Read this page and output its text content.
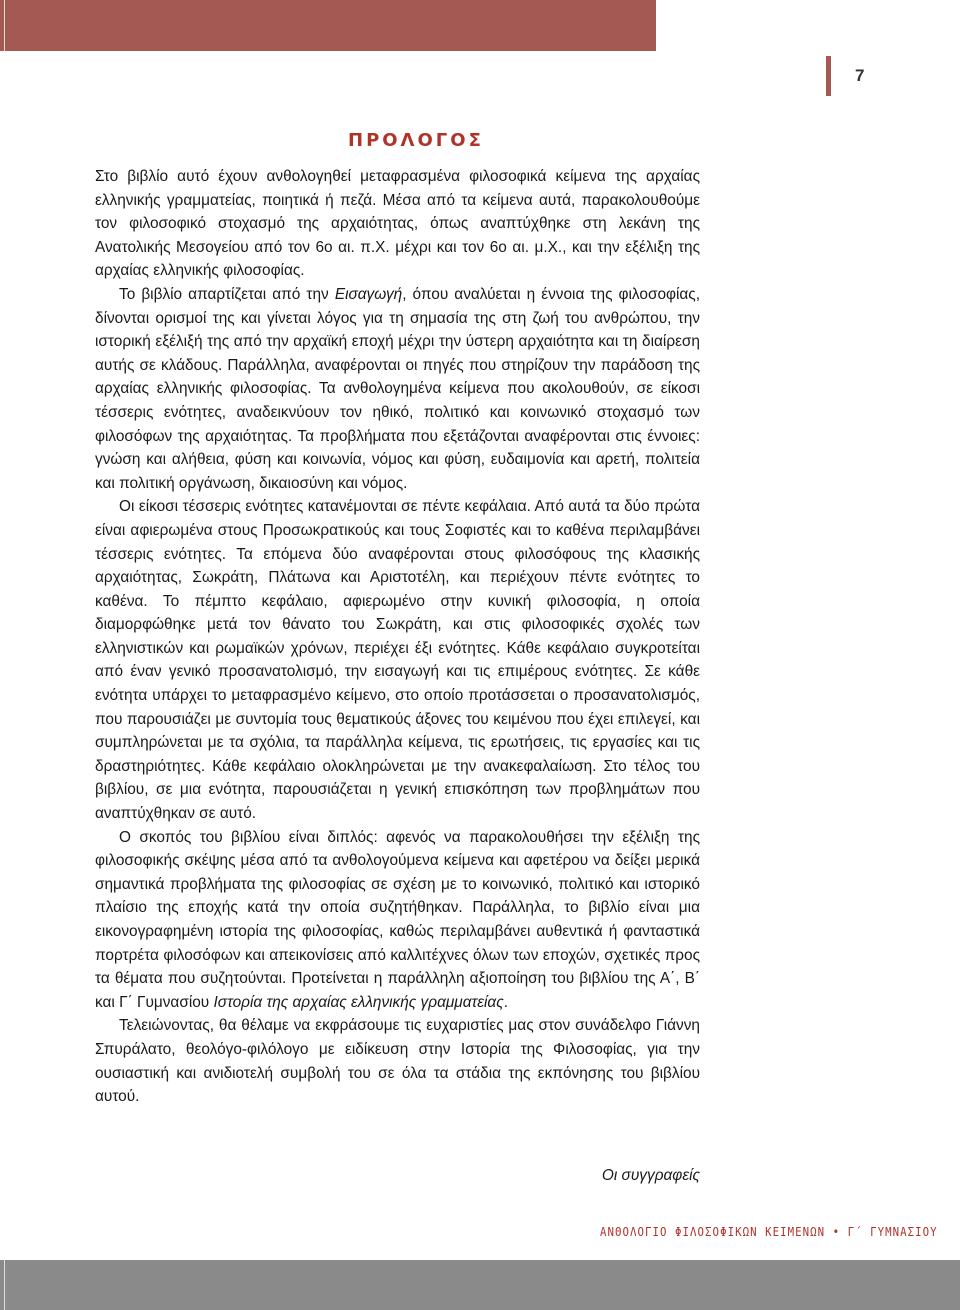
7
ΠΡΟΛΟΓΟΣ

Στο βιβλίο αυτό έχουν ανθολογηθεί μεταφρασμένα φιλοσοφικά κείμενα της αρχαίας ελληνικής γραμματείας, ποιητικά ή πεζά. Μέσα από τα κείμενα αυτά, παρακολουθούμε τον φιλοσοφικό στοχασμό της αρχαιότητας, όπως αναπτύχθηκε στη λεκάνη της Ανατολικής Μεσογείου από τον 6ο αι. π.Χ. μέχρι και τον 6ο αι. μ.Χ., και την εξέλιξη της αρχαίας ελληνικής φιλοσοφίας.

Το βιβλίο απαρτίζεται από την Εισαγωγή, όπου αναλύεται η έννοια της φιλοσοφίας, δίνονται ορισμοί της και γίνεται λόγος για τη σημασία της στη ζωή του ανθρώπου, την ιστορική εξέλιξή της από την αρχαϊκή εποχή μέχρι την ύστερη αρχαιότητα και τη διαίρεση αυτής σε κλάδους. Παράλληλα, αναφέρονται οι πηγές που στηρίζουν την παράδοση της αρχαίας ελληνικής φιλοσοφίας. Τα ανθολογημένα κείμενα που ακολουθούν, σε είκοσι τέσσερις ενότητες, αναδεικνύουν τον ηθικό, πολιτικό και κοινωνικό στοχασμό των φιλοσόφων της αρχαιότητας. Τα προβλήματα που εξετάζονται αναφέρονται στις έννοιες: γνώση και αλήθεια, φύση και κοινωνία, νόμος και φύση, ευδαιμονία και αρετή, πολιτεία και πολιτική οργάνωση, δικαιοσύνη και νόμος.

Οι είκοσι τέσσερις ενότητες κατανέμονται σε πέντε κεφάλαια. Από αυτά τα δύο πρώτα είναι αφιερωμένα στους Προσωκρατικούς και τους Σοφιστές και το καθένα περιλαμβάνει τέσσερις ενότητες. Τα επόμενα δύο αναφέρονται στους φιλοσόφους της κλασικής αρχαιότητας, Σωκράτη, Πλάτωνα και Αριστοτέλη, και περιέχουν πέντε ενότητες το καθένα. Το πέμπτο κεφάλαιο, αφιερωμένο στην κυνική φιλοσοφία, η οποία διαμορφώθηκε μετά τον θάνατο του Σωκράτη, και στις φιλοσοφικές σχολές των ελληνιστικών και ρωμαϊκών χρόνων, περιέχει έξι ενότητες. Κάθε κεφάλαιο συγκροτείται από έναν γενικό προσανατολισμό, την εισαγωγή και τις επιμέρους ενότητες. Σε κάθε ενότητα υπάρχει το μεταφρασμένο κείμενο, στο οποίο προτάσσεται ο προσανατολισμός, που παρουσιάζει με συντομία τους θεματικούς άξονες του κειμένου που έχει επιλεγεί, και συμπληρώνεται με τα σχόλια, τα παράλληλα κείμενα, τις ερωτήσεις, τις εργασίες και τις δραστηριότητες. Κάθε κεφάλαιο ολοκληρώνεται με την ανακεφαλαίωση. Στο τέλος του βιβλίου, σε μια ενότητα, παρουσιάζεται η γενική επισκόπηση των προβλημάτων που αναπτύχθηκαν σε αυτό.

Ο σκοπός του βιβλίου είναι διπλός: αφενός να παρακολουθήσει την εξέλιξη της φιλοσοφικής σκέψης μέσα από τα ανθολογούμενα κείμενα και αφετέρου να δείξει μερικά σημαντικά προβλήματα της φιλοσοφίας σε σχέση με το κοινωνικό, πολιτικό και ιστορικό πλαίσιο της εποχής κατά την οποία συζητήθηκαν. Παράλληλα, το βιβλίο είναι μια εικονογραφημένη ιστορία της φιλοσοφίας, καθώς περιλαμβάνει αυθεντικά ή φανταστικά πορτρέτα φιλοσόφων και απεικονίσεις από καλλιτέχνες όλων των εποχών, σχετικές προς τα θέματα που συζητούνται. Προτείνεται η παράλληλη αξιοποίηση του βιβλίου της Α΄, Β΄ και Γ΄ Γυμνασίου Ιστορία της αρχαίας ελληνικής γραμματείας.

Τελειώνοντας, θα θέλαμε να εκφράσουμε τις ευχαριστίες μας στον συνάδελφο Γιάννη Σπυράλατο, θεολόγο-φιλόλογο με ειδίκευση στην Ιστορία της Φιλοσοφίας, για την ουσιαστική και ανιδιοτελή συμβολή του σε όλα τα στάδια της εκπόνησης του βιβλίου αυτού.

Οι συγγραφείς
ΑΝΘΟΛΟΓΙΟ ΦΙΛΟΣΟΦΙΚΩΝ ΚΕΙΜΕΝΩΝ • Γ΄ ΓΥΜΝΑΣΙΟΥ
